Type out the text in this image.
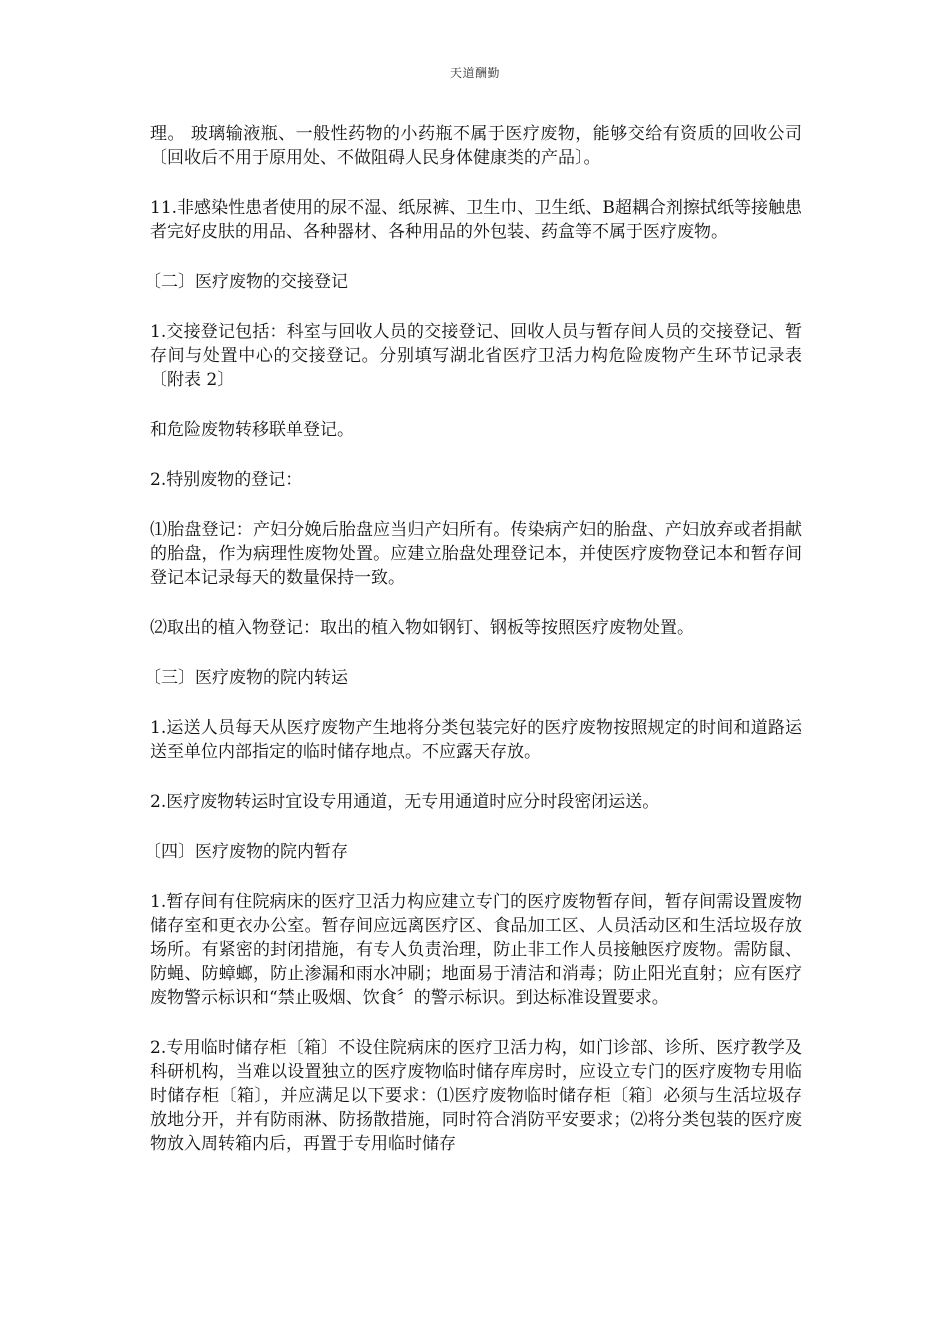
天道酬勤

理。 玻璃输液瓶、一般性药物的小药瓶不属于医疗废物，能够交给有资质的回收公司〔回收后不用于原用处、不做阻碍人民身体健康类的产品〕。

11.非感染性患者使用的尿不湿、纸尿裤、卫生巾、卫生纸、B超耦合剂擦拭纸等接触患者完好皮肤的用品、各种器材、各种用品的外包装、药盒等不属于医疗废物。

〔二〕医疗废物的交接登记

1.交接登记包括：科室与回收人员的交接登记、回收人员与暂存间人员的交接登记、暂存间与处置中心的交接登记。分别填写湖北省医疗卫活力构危险废物产生环节记录表〔附表 2〕

和危险废物转移联单登记。

2.特别废物的登记：

⑴胎盘登记：产妇分娩后胎盘应当归产妇所有。传染病产妇的胎盘、产妇放弃或者捐献的胎盘，作为病理性废物处置。应建立胎盘处理登记本，并使医疗废物登记本和暂存间登记本记录每天的数量保持一致。

⑵取出的植入物登记：取出的植入物如钢钉、钢板等按照医疗废物处置。

〔三〕医疗废物的院内转运

1.运送人员每天从医疗废物产生地将分类包装完好的医疗废物按照规定的时间和道路运送至单位内部指定的临时储存地点。不应露天存放。

2.医疗废物转运时宜设专用通道，无专用通道时应分时段密闭运送。

〔四〕医疗废物的院内暂存

1.暂存间有住院病床的医疗卫活力构应建立专门的医疗废物暂存间，暂存间需设置废物储存室和更衣办公室。暂存间应远离医疗区、食品加工区、人员活动区和生活垃圾存放场所。有紧密的封闭措施，有专人负责治理，防止非工作人员接触医疗废物。需防鼠、防蝇、防蟑螂，防止渗漏和雨水冲刷；地面易于清洁和消毒；防止阳光直射；应有医疗废物警示标识和“禁止吸烟、饮食〞的警示标识。到达标准设置要求。

2.专用临时储存柜〔箱〕不设住院病床的医疗卫活力构，如门诊部、诊所、医疗教学及科研机构，当难以设置独立的医疗废物临时储存库房时，应设立专门的医疗废物专用临时储存柜〔箱〕，并应满足以下要求：⑴医疗废物临时储存柜〔箱〕必须与生活垃圾存放地分开，并有防雨淋、防扬散措施，同时符合消防平安要求；⑵将分类包装的医疗废物放入周转箱内后，再置于专用临时储存
